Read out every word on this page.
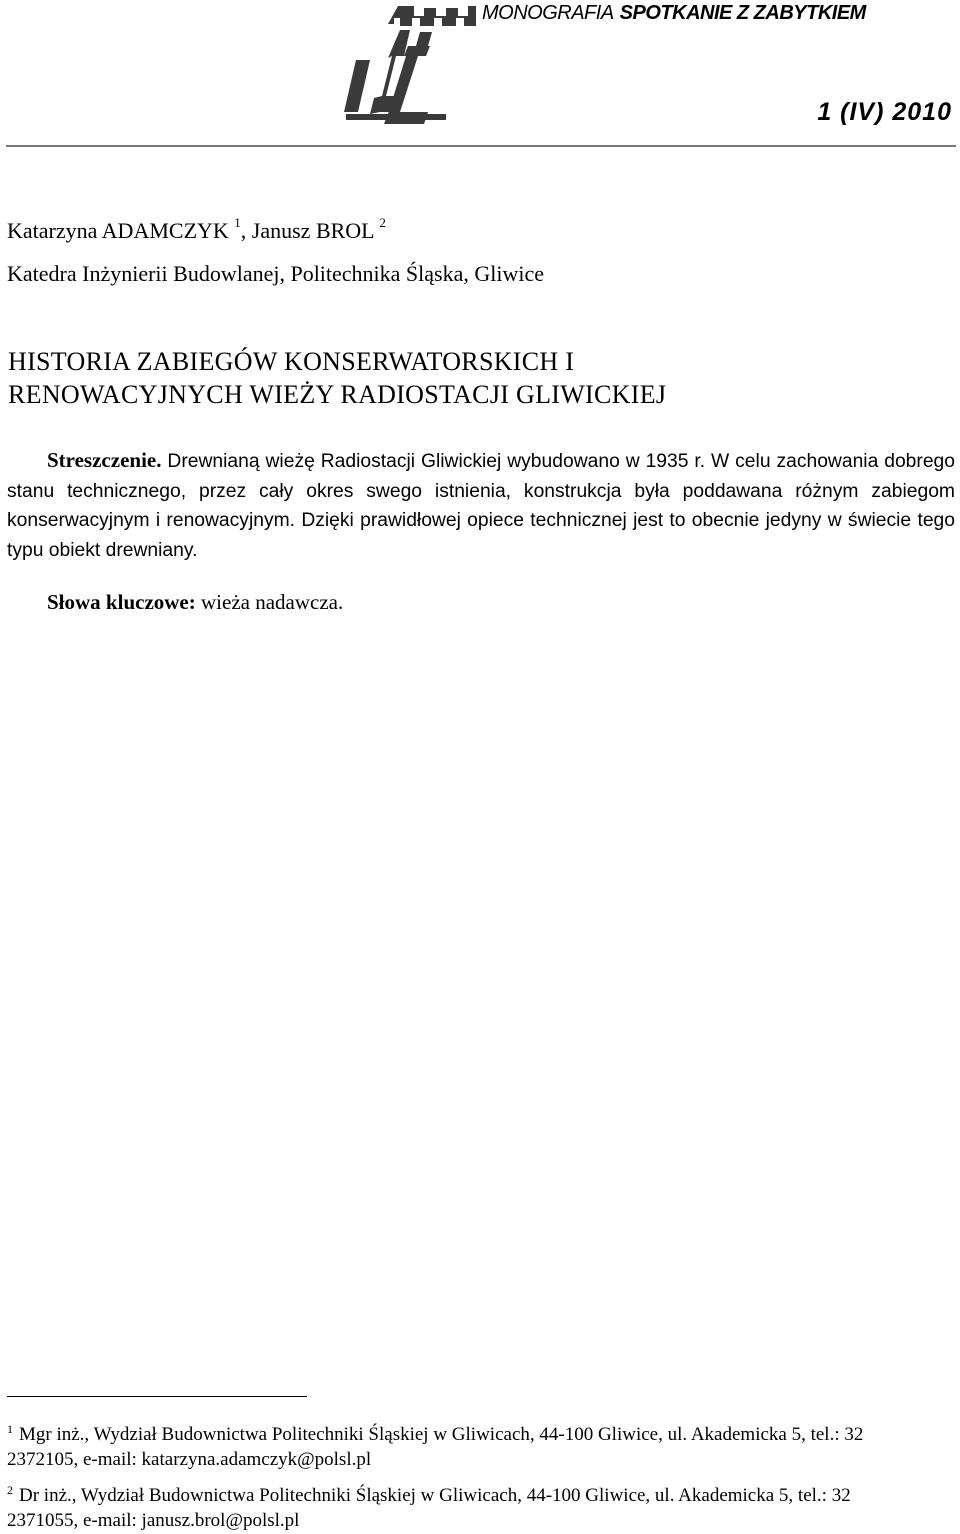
MONOGRAFIA SPOTKANIE Z ZABYTKIEM
1 (IV) 2010
Katarzyna ADAMCZYK $^1$, Janusz BROL $^2$
Katedra Inżynierii Budowlanej, Politechnika Śląska, Gliwice
HISTORIA ZABIEGÓW KONSERWATORSKICH I
RENOWACYJNYCH WIEŻY RADIOSTACJI GLIWICKIEJ
Streszczenie. Drewnianą wieżę Radiostacji Gliwickiej wybudowano w 1935 r. W celu zachowania dobrego stanu technicznego, przez cały okres swego istnienia, konstrukcja była poddawana różnym zabiegom konserwacyjnym i renowacyjnym. Dzięki prawidłowej opiece technicznej jest to obecnie jedyny w świecie tego typu obiekt drewniany.
Słowa kluczowe: wieża nadawcza.
$^1$ Mgr inż., Wydział Budownictwa Politechniki Śląskiej w Gliwicach, 44-100 Gliwice, ul. Akademicka 5, tel.: 32 2372105, e-mail: katarzyna.adamczyk@polsl.pl
$^2$ Dr inż., Wydział Budownictwa Politechniki Śląskiej w Gliwicach, 44-100 Gliwice, ul. Akademicka 5, tel.: 32 2371055, e-mail: janusz.brol@polsl.pl
